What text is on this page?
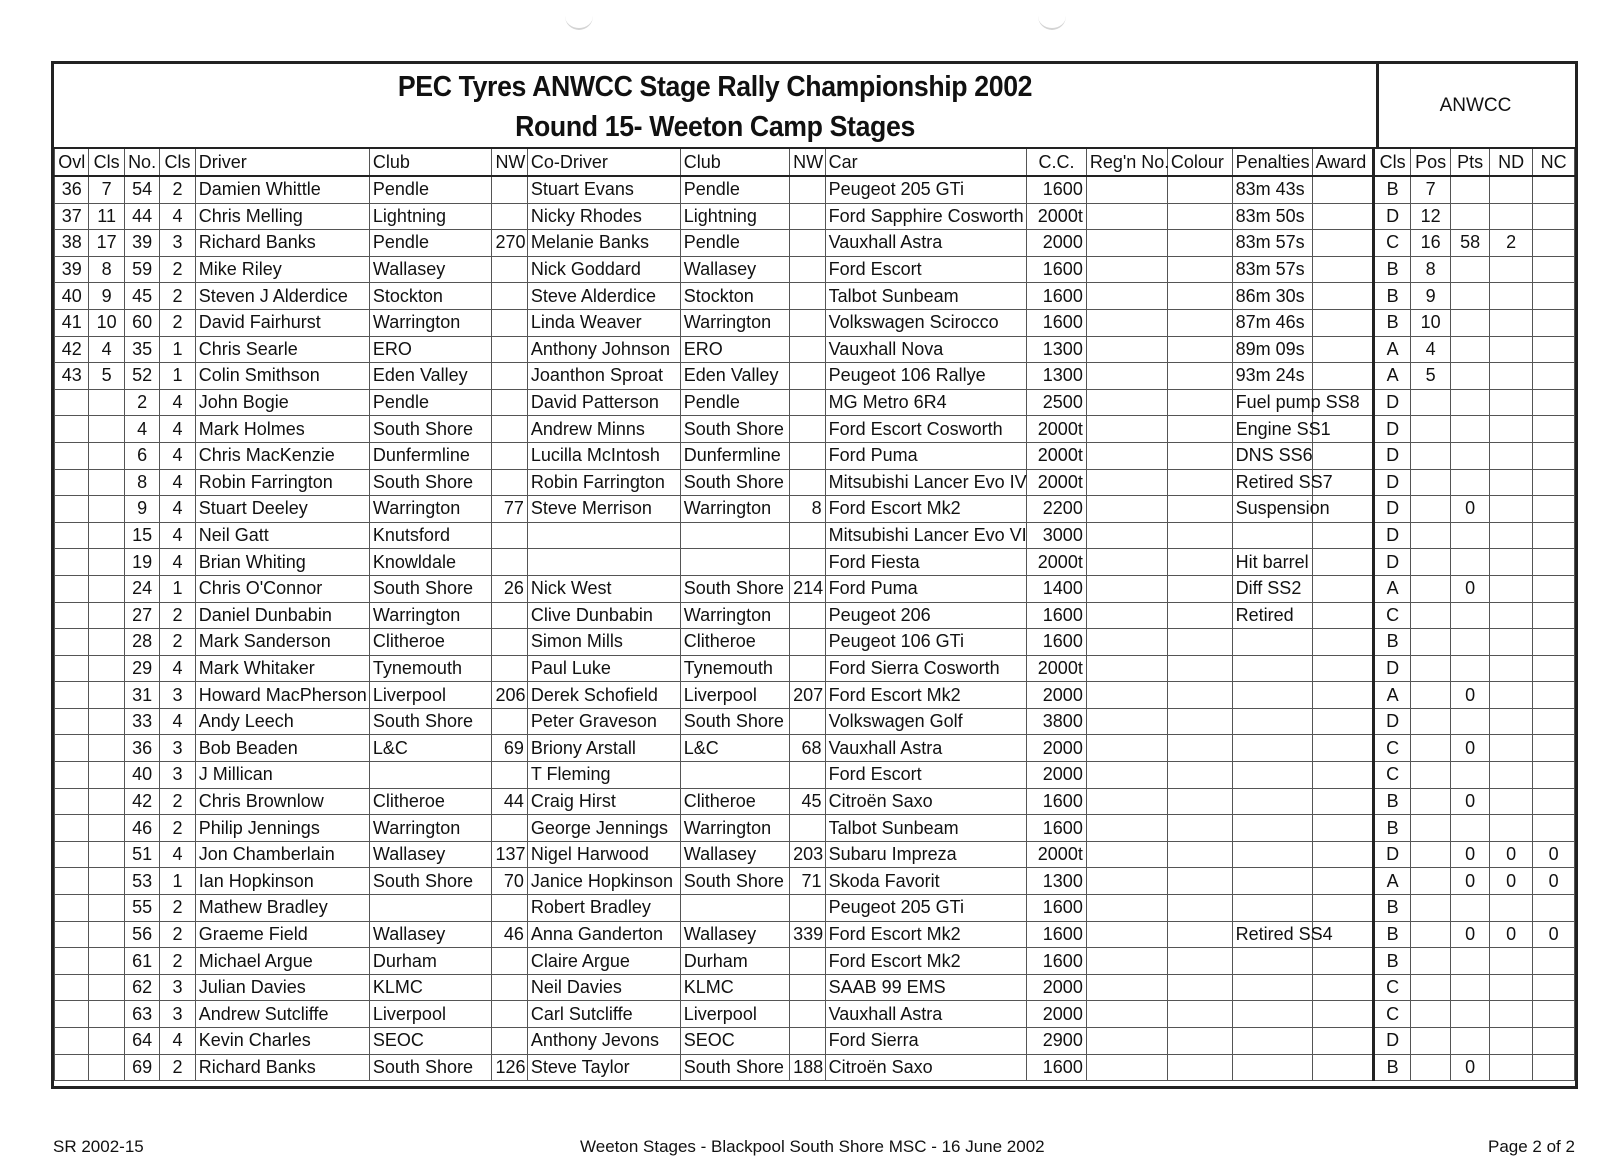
PEC Tyres ANWCC Stage Rally Championship 2002
Round 15- Weeton Camp Stages
ANWCC
Ovl	Cls	No.	Cls	Driver	Club	NW	Co-Driver	Club	NW	Car	C.C.	Reg'n No.	Colour	Penalties	Award	Cls	Pos	Pts	ND	NC
36	7	54	2	Damien Whittle	Pendle		Stuart Evans	Pendle		Peugeot 205 GTi	1600			83m 43s		B	7			
37	11	44	4	Chris Melling	Lightning		Nicky Rhodes	Lightning		Ford Sapphire Cosworth	2000t			83m 50s		D	12			
38	17	39	3	Richard Banks	Pendle	270	Melanie Banks	Pendle		Vauxhall Astra	2000			83m 57s		C	16	58	2	
39	8	59	2	Mike Riley	Wallasey		Nick Goddard	Wallasey		Ford Escort	1600			83m 57s		B	8			
40	9	45	2	Steven J Alderdice	Stockton		Steve Alderdice	Stockton		Talbot Sunbeam	1600			86m 30s		B	9			
41	10	60	2	David Fairhurst	Warrington		Linda Weaver	Warrington		Volkswagen Scirocco	1600			87m 46s		B	10			
42	4	35	1	Chris Searle	ERO		Anthony Johnson	ERO		Vauxhall Nova	1300			89m 09s		A	4			
43	5	52	1	Colin Smithson	Eden Valley		Joanthon Sproat	Eden Valley		Peugeot 106 Rallye	1300			93m 24s		A	5			
		2	4	John Bogie	Pendle		David Patterson	Pendle		MG Metro 6R4	2500			Fuel pump SS8		D				
		4	4	Mark Holmes	South Shore		Andrew Minns	South Shore		Ford Escort Cosworth	2000t			Engine SS1		D				
		6	4	Chris MacKenzie	Dunfermline		Lucilla McIntosh	Dunfermline		Ford Puma	2000t			DNS SS6		D				
		8	4	Robin Farrington	South Shore		Robin Farrington	South Shore		Mitsubishi Lancer Evo IV	2000t			Retired SS7		D				
		9	4	Stuart Deeley	Warrington	77	Steve Merrison	Warrington	8	Ford Escort Mk2	2200			Suspension		D		0		
		15	4	Neil Gatt	Knutsford					Mitsubishi Lancer Evo VI	3000					D				
		19	4	Brian Whiting	Knowldale					Ford Fiesta	2000t			Hit barrel		D				
		24	1	Chris O'Connor	South Shore	26	Nick West	South Shore	214	Ford Puma	1400			Diff SS2		A		0		
		27	2	Daniel Dunbabin	Warrington		Clive Dunbabin	Warrington		Peugeot 206	1600			Retired		C				
		28	2	Mark Sanderson	Clitheroe		Simon Mills	Clitheroe		Peugeot 106 GTi	1600					B				
		29	4	Mark Whitaker	Tynemouth		Paul Luke	Tynemouth		Ford Sierra Cosworth	2000t					D				
		31	3	Howard MacPherson	Liverpool	206	Derek Schofield	Liverpool	207	Ford Escort Mk2	2000					A		0		
		33	4	Andy Leech	South Shore		Peter Graveson	South Shore		Volkswagen Golf	3800					D				
		36	3	Bob Beaden	L&C	69	Briony Arstall	L&C	68	Vauxhall Astra	2000					C		0		
		40	3	J Millican			T Fleming			Ford Escort	2000					C				
		42	2	Chris Brownlow	Clitheroe	44	Craig Hirst	Clitheroe	45	Citroën Saxo	1600					B		0		
		46	2	Philip Jennings	Warrington		George Jennings	Warrington		Talbot Sunbeam	1600					B				
		51	4	Jon Chamberlain	Wallasey	137	Nigel Harwood	Wallasey	203	Subaru Impreza	2000t					D		0	0	0
		53	1	Ian Hopkinson	South Shore	70	Janice Hopkinson	South Shore	71	Skoda Favorit	1300					A		0	0	0
		55	2	Mathew Bradley			Robert Bradley			Peugeot 205 GTi	1600					B				
		56	2	Graeme Field	Wallasey	46	Anna Ganderton	Wallasey	339	Ford Escort Mk2	1600			Retired SS4		B		0	0	0
		61	2	Michael Argue	Durham		Claire Argue	Durham		Ford Escort Mk2	1600					B				
		62	3	Julian Davies	KLMC		Neil Davies	KLMC		SAAB 99 EMS	2000					C				
		63	3	Andrew Sutcliffe	Liverpool		Carl Sutcliffe	Liverpool		Vauxhall Astra	2000					C				
		64	4	Kevin Charles	SEOC		Anthony Jevons	SEOC		Ford Sierra	2900					D				
		69	2	Richard Banks	South Shore	126	Steve Taylor	South Shore	188	Citroën Saxo	1600					B		0		
SR 2002-15	Weeton Stages - Blackpool South Shore MSC - 16 June 2002	Page 2 of 2
